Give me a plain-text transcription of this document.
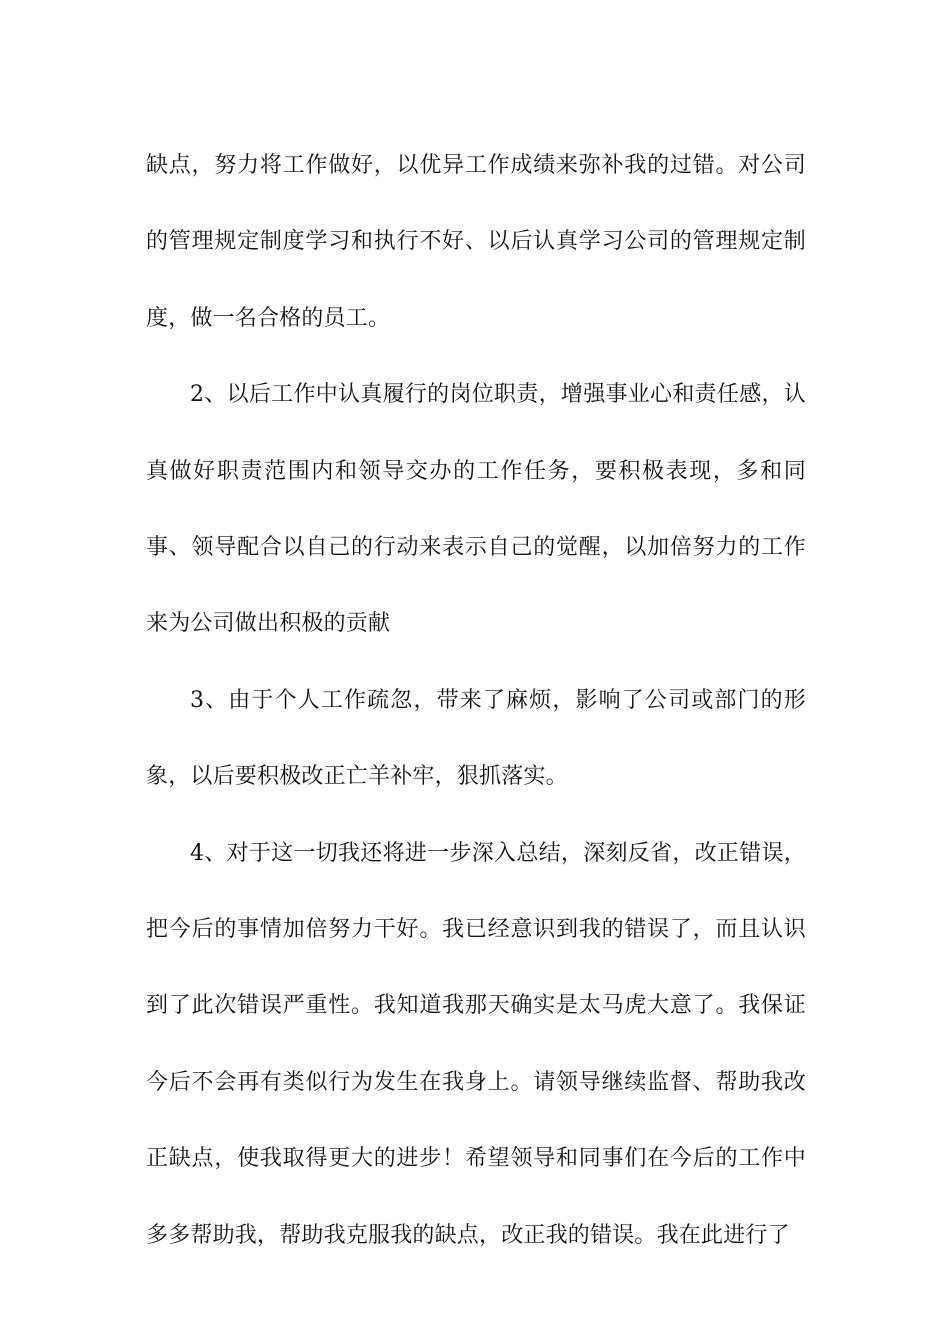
缺点，努力将工作做好，以优异工作成绩来弥补我的过错。对公司的管理规定制度学习和执行不好、以后认真学习公司的管理规定制度，做一名合格的员工。

2、以后工作中认真履行的岗位职责，增强事业心和责任感，认真做好职责范围内和领导交办的工作任务，要积极表现，多和同事、领导配合以自己的行动来表示自己的觉醒，以加倍努力的工作来为公司做出积极的贡献

3、由于个人工作疏忽，带来了麻烦，影响了公司或部门的形象，以后要积极改正亡羊补牢，狠抓落实。

4、对于这一切我还将进一步深入总结，深刻反省，改正错误，把今后的事情加倍努力干好。我已经意识到我的错误了，而且认识到了此次错误严重性。我知道我那天确实是太马虎大意了。我保证今后不会再有类似行为发生在我身上。请领导继续监督、帮助我改正缺点，使我取得更大的进步！希望领导和同事们在今后的工作中多多帮助我，帮助我克服我的缺点，改正我的错误。我在此进行了
